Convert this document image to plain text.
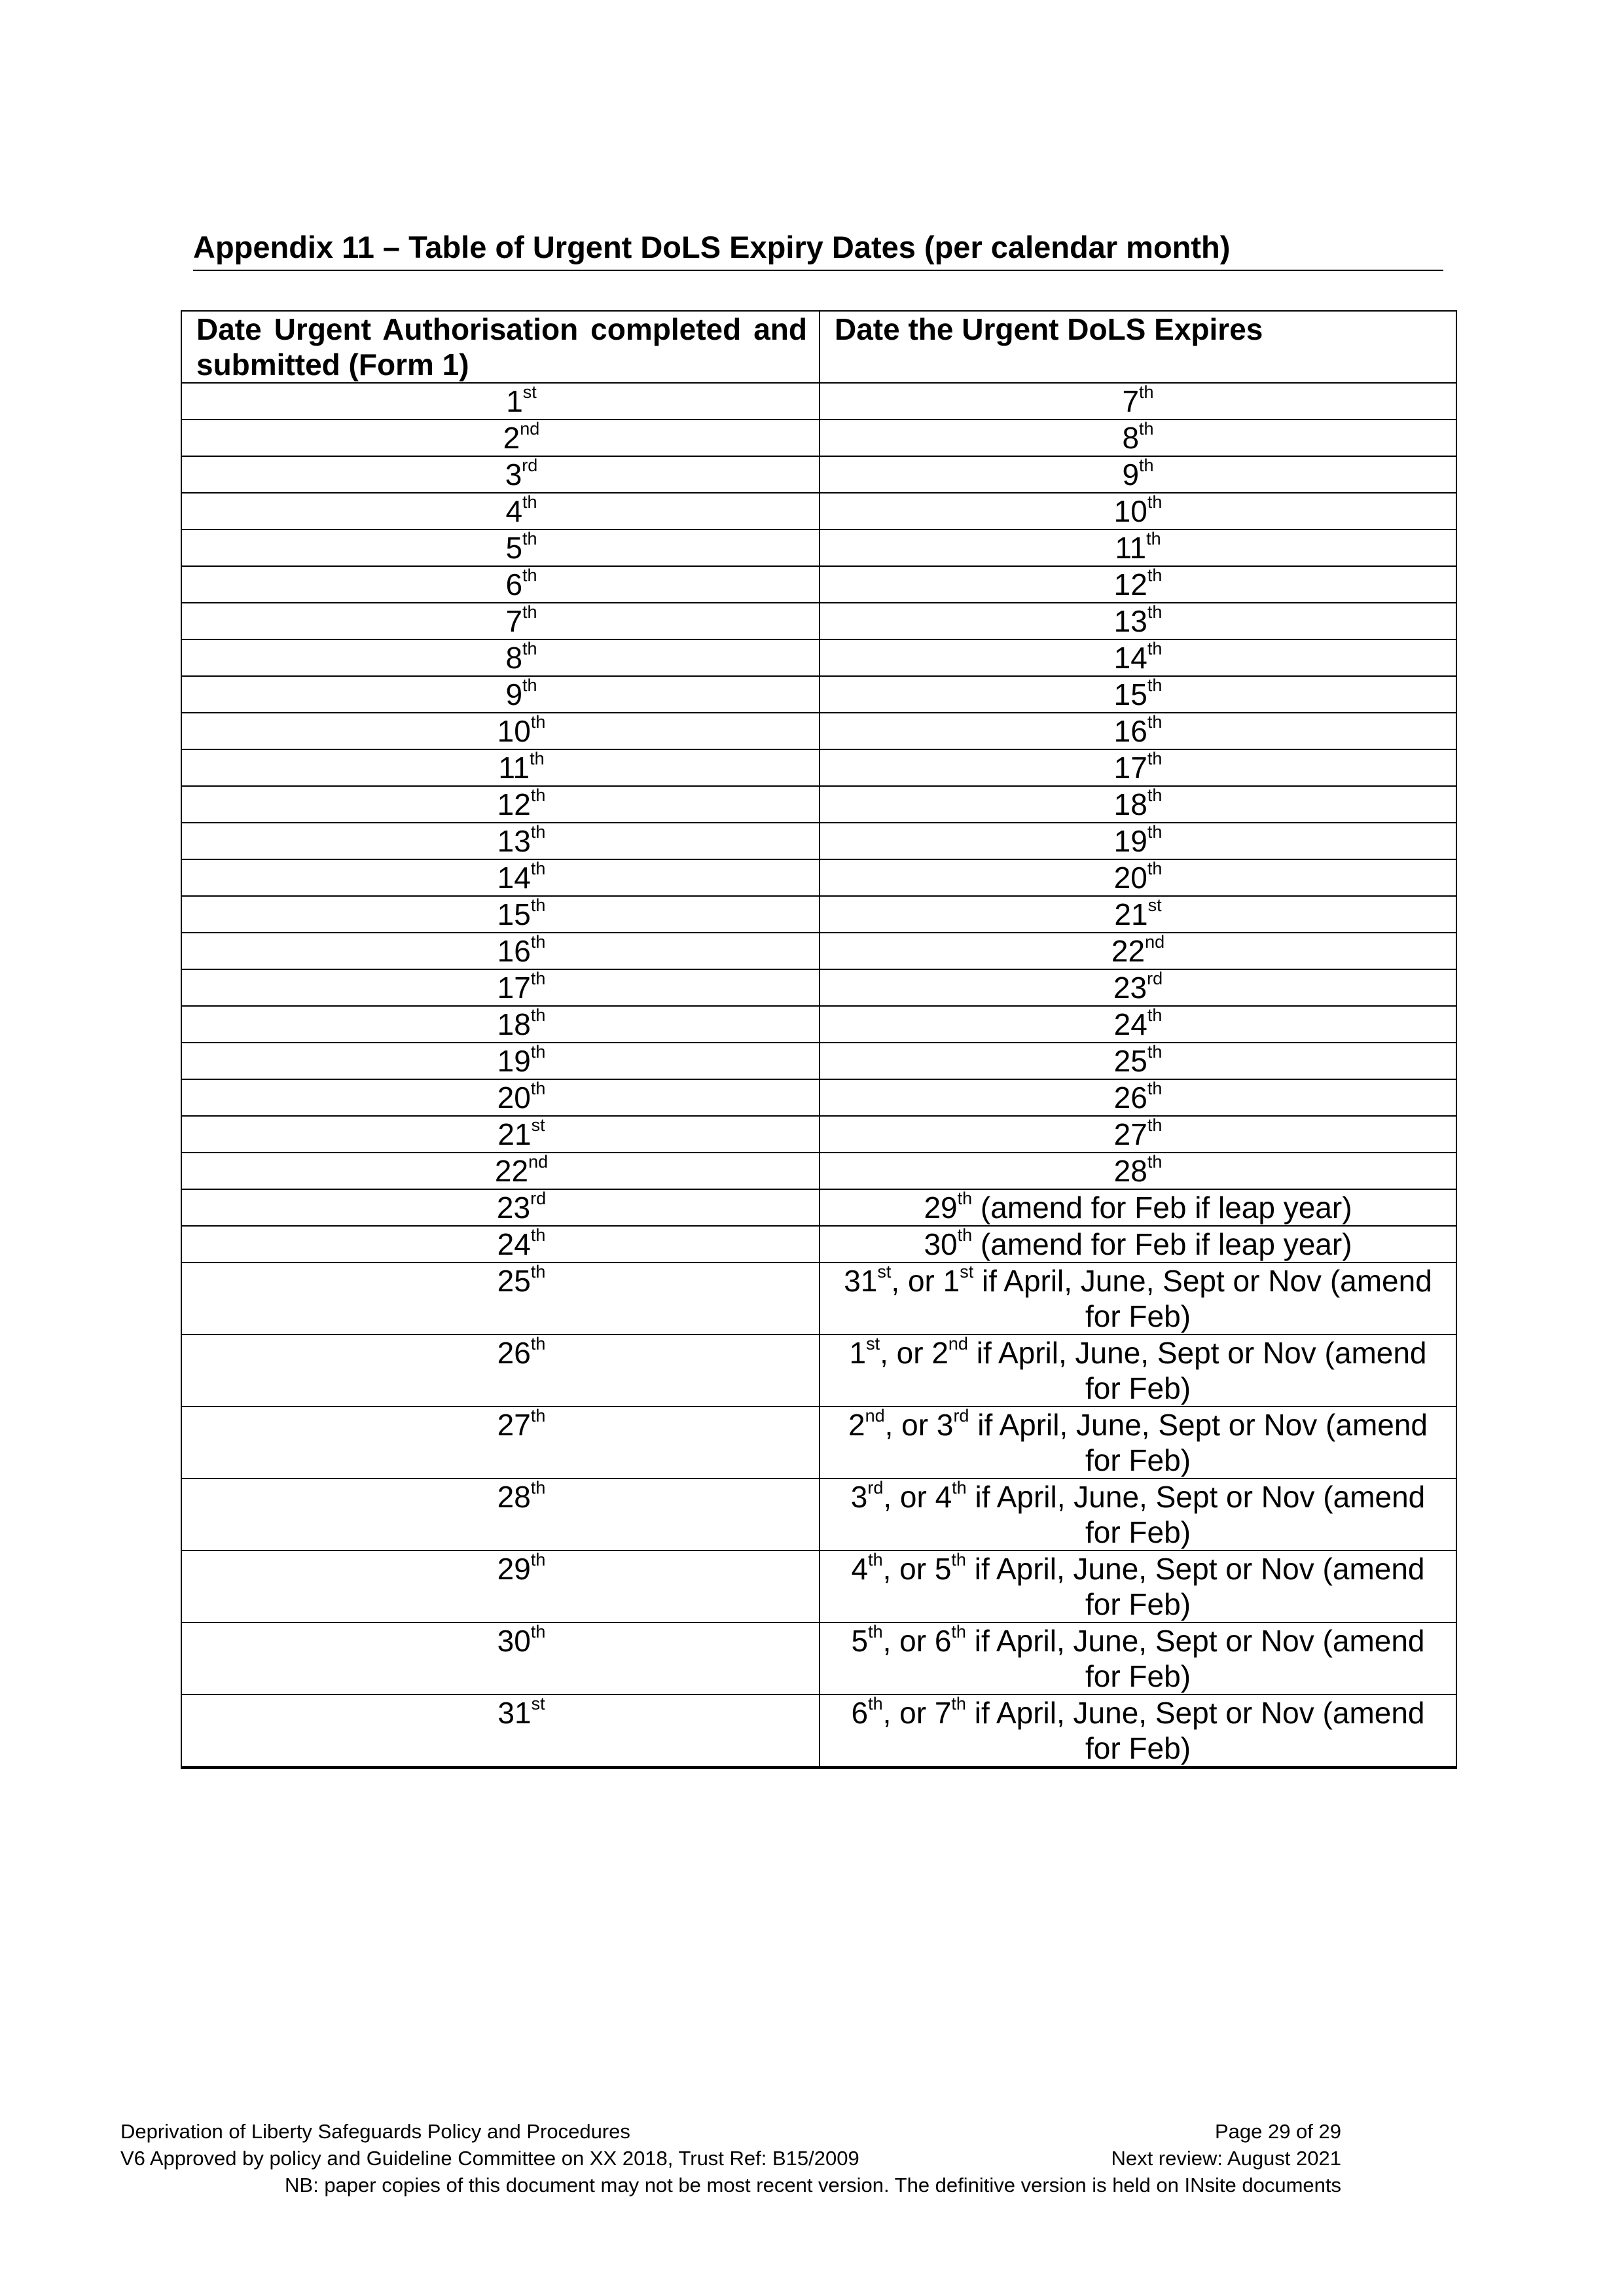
Appendix 11 – Table of Urgent DoLS Expiry Dates (per calendar month)
Date Urgent Authorisation completed and submitted (Form 1)	Date the Urgent DoLS Expires
1st	7th

2nd	8th

3rd	9th

4th	10th

5th	11th

6th	12th

7th	13th

8th	14th

9th	15th

10th	16th

11th	17th

12th	18th

13th	19th

14th	20th

15th	21st

16th	22nd

17th	23rd

18th	24th

19th	25th

20th	26th

21st	27th

22nd	28th

23rd	29th (amend for Feb if leap year)

24th	30th (amend for Feb if leap year)

25th	31st, or 1st if April, June, Sept or Nov (amend for Feb)

26th	1st, or 2nd if April, June, Sept or Nov (amend for Feb)

27th	2nd, or 3rd if April, June, Sept or Nov (amend for Feb)

28th	3rd, or 4th if April, June, Sept or Nov (amend for Feb)

29th	4th, or 5th if April, June, Sept or Nov (amend for Feb)

30th	5th, or 6th if April, June, Sept or Nov (amend for Feb)

31st	6th, or 7th if April, June, Sept or Nov (amend for Feb)
Deprivation of Liberty Safeguards Policy and Procedures	Page 29 of 29
V6 Approved by policy and Guideline Committee on XX 2018, Trust Ref: B15/2009	Next review: August 2021
NB: paper copies of this document may not be most recent version. The definitive version is held on INsite documents
